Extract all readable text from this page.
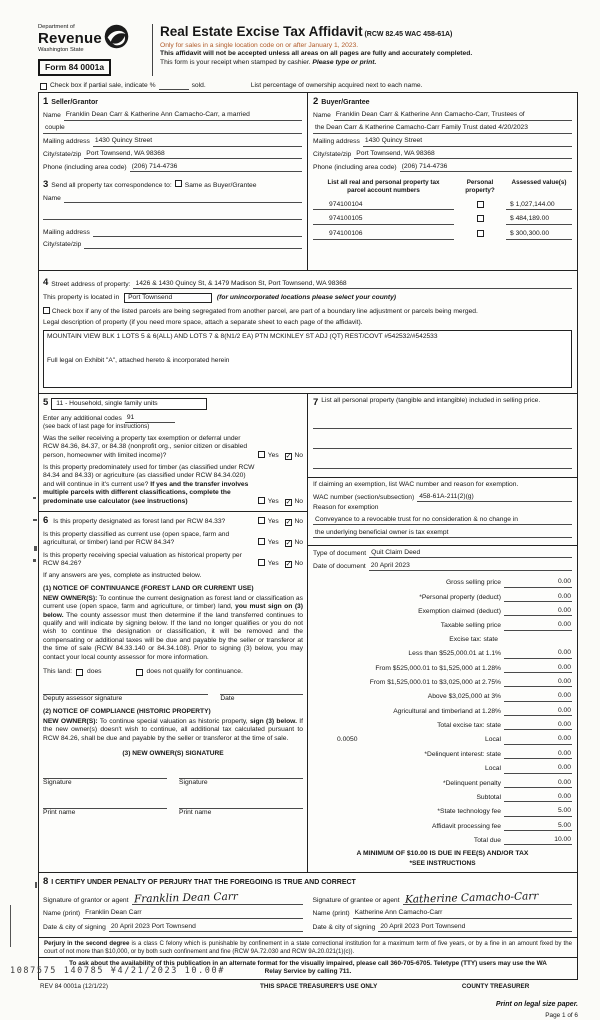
Department of
Revenue
Washington State
Form 84 0001a
Real Estate Excise Tax Affidavit (RCW 82.45 WAC 458-61A)
Only for sales in a single location code on or after January 1, 2023.
This affidavit will not be accepted unless all areas on all pages are fully and accurately completed.
This form is your receipt when stamped by cashier. Please type or print.
Check box if partial sale, indicate %	sold.	List percentage of ownership acquired next to each name.
1 Seller/Grantor
Name Franklin Dean Carr & Katherine Ann Camacho-Carr, a married
couple
Mailing address 1430 Quincy Street
City/state/zip Port Townsend, WA 98368
Phone (including area code) (206) 714-4736
2 Buyer/Grantee
Name Franklin Dean Carr & Katherine Ann Camacho-Carr, Trustees of
the Dean Carr & Katherine Camacho-Carr Family Trust dated 4/20/2023
Mailing address 1430 Quincy Street
City/state/zip Port Townsend, WA 98368
Phone (including area code) (206) 714-4736
3 Send all property tax correspondence to: Same as Buyer/Grantee
Name
Mailing address
City/state/zip
List all real and personal property tax parcel account numbers
Personal property?
Assessed value(s)
974100104	$ 1,027,144.00
974100105	$ 484,189.00
974100106	$ 300,300.00
4 Street address of property: 1426 & 1430 Quincy St, & 1479 Madison St, Port Townsend, WA 98368
This property is located in Port Townsend	(for unincorporated locations please select your county)
Check box if any of the listed parcels are being segregated from another parcel, are part of a boundary line adjustment or parcels being merged.
Legal description of property (if you need more space, attach a separate sheet to each page of the affidavit).
MOUNTAIN VIEW BLK 1 LOTS 5 & 6(ALL) AND LOTS 7 & 8(N1/2 EA) PTN MCKINLEY ST ADJ (QT) REST/COVT #542532/#542533
Full legal on Exhibit "A", attached hereto & incorporated herein
5	11 - Household, single family units
Enter any additional codes 91
(see back of last page for instructions)
Was the seller receiving a property tax exemption or deferral under RCW 84.36, 84.37, or 84.38 (nonprofit org., senior citizen or disabled person, homeowner with limited income)?	Yes ✓ No
Is this property predominately used for timber (as classified under RCW 84.34 and 84.33) or agriculture (as classified under RCW 84.34.020) and will continue in it's current use? If yes and the transfer involves multiple parcels with different classifications, complete the predominate use calculator (see instructions)	Yes ✓ No
6 Is this property designated as forest land per RCW 84.33?	Yes ✓ No
Is this property classified as current use (open space, farm and agricultural, or timber) land per RCW 84.34?	Yes ✓ No
Is this property receiving special valuation as historical property per RCW 84.26?	Yes ✓ No
If any answers are yes, complete as instructed below.
(1) NOTICE OF CONTINUANCE (FOREST LAND OR CURRENT USE)
NEW OWNER(S): To continue the current designation as forest land or classification as current use (open space, farm and agriculture, or timber) land, you must sign on (3) below. The county assessor must then determine if the land transferred continues to qualify and will indicate by signing below. If the land no longer qualifies or you do not wish to continue the designation or classification, it will be removed and the compensating or additional taxes will be due and payable by the seller or transferor at the time of sale (RCW 84.33.140 or 84.34.108). Prior to signing (3) below, you may contact your local county assessor for more information.
This land: does	does not qualify for continuance.
Deputy assessor signature	Date
(2) NOTICE OF COMPLIANCE (HISTORIC PROPERTY)
NEW OWNER(S): To continue special valuation as historic property, sign (3) below. If the new owner(s) doesn't wish to continue, all additional tax calculated pursuant to RCW 84.26, shall be due and payable by the seller or transferor at the time of sale.
(3) NEW OWNER(S) SIGNATURE
Signature	Signature
Print name	Print name
7 List all personal property (tangible and intangible) included in selling price.
If claiming an exemption, list WAC number and reason for exemption.
WAC number (section/subsection) 458-61A-211(2)(g)
Reason for exemption
Conveyance to a revocable trust for no consideration & no change in
the underlying beneficial owner is tax exempt
Type of document Quit Claim Deed
Date of document 20 April 2023
Gross selling price	0.00
*Personal property (deduct)	0.00
Exemption claimed (deduct)	0.00
Taxable selling price	0.00
Excise tax: state
Less than $525,000.01 at 1.1%	0.00
From $525,000.01 to $1,525,000 at 1.28%	0.00
From $1,525,000.01 to $3,025,000 at 2.75%	0.00
Above $3,025,000 at 3%	0.00
Agricultural and timberland at 1.28%	0.00
Total excise tax: state	0.00
0.0050	Local	0.00
*Delinquent interest: state	0.00
Local	0.00
*Delinquent penalty	0.00
Subtotal	0.00
*State technology fee	5.00
Affidavit processing fee	5.00
Total due	10.00
A MINIMUM OF $10.00 IS DUE IN FEE(S) AND/OR TAX
*SEE INSTRUCTIONS
8 I CERTIFY UNDER PENALTY OF PERJURY THAT THE FOREGOING IS TRUE AND CORRECT
Signature of grantor or agent Franklin Dean Carr	Signature of grantee or agent Katherine Camacho-Carr
Name (print) Franklin Dean Carr	Name (print) Katherine Ann Camacho-Carr
Date & city of signing 20 April 2023 Port Townsend	Date & city of signing 20 April 2023 Port Townsend
Perjury in the second degree is a class C felony which is punishable by confinement in a state correctional institution for a maximum term of five years, or by a fine in an amount fixed by the court of not more than $10,000, or by both such confinement and fine (RCW 9A.72.030 and RCW 9A.20.021(1)(c)).
To ask about the availability of this publication in an alternate format for the visually impaired, please call 360-705-6705. Teletype (TTY) users may use the WA Relay Service by calling 711.
REV 84 0001a (12/1/22)	THIS SPACE TREASURER'S USE ONLY	COUNTY TREASURER
Print on legal size paper.
Page 1 of 6
1087575 140785 ¥4/21/2023 10.00#
